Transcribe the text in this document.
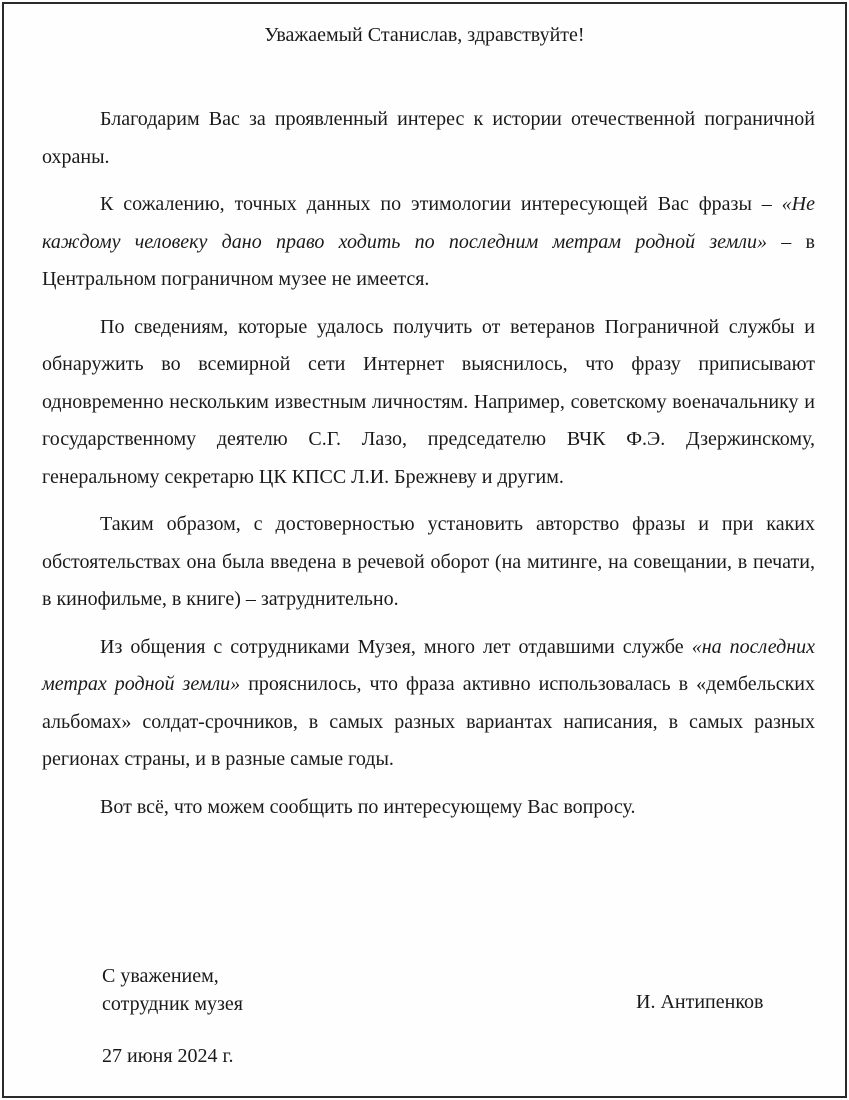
Уважаемый Станислав, здравствуйте!

Благодарим Вас за проявленный интерес к истории отечественной пограничной охраны.

К сожалению, точных данных по этимологии интересующей Вас фразы – «Не каждому человеку дано право ходить по последним метрам родной земли» – в Центральном пограничном музее не имеется.

По сведениям, которые удалось получить от ветеранов Пограничной службы и обнаружить во всемирной сети Интернет выяснилось, что фразу приписывают одновременно нескольким известным личностям. Например, советскому военачальнику и государственному деятелю С.Г. Лазо, председателю ВЧК Ф.Э. Дзержинскому, генеральному секретарю ЦК КПСС Л.И. Брежневу и другим.

Таким образом, с достоверностью установить авторство фразы и при каких обстоятельствах она была введена в речевой оборот (на митинге, на совещании, в печати, в кинофильме, в книге) – затруднительно.

Из общения с сотрудниками Музея, много лет отдавшими службе «на последних метрах родной земли» прояснилось, что фраза активно использовалась в «дембельских альбомах» солдат-срочников, в самых разных вариантах написания, в самых разных регионах страны, и в разные самые годы.

Вот всё, что можем сообщить по интересующему Вас вопросу.

С уважением,
сотрудник музея	И. Антипенков
27 июня 2024 г.
